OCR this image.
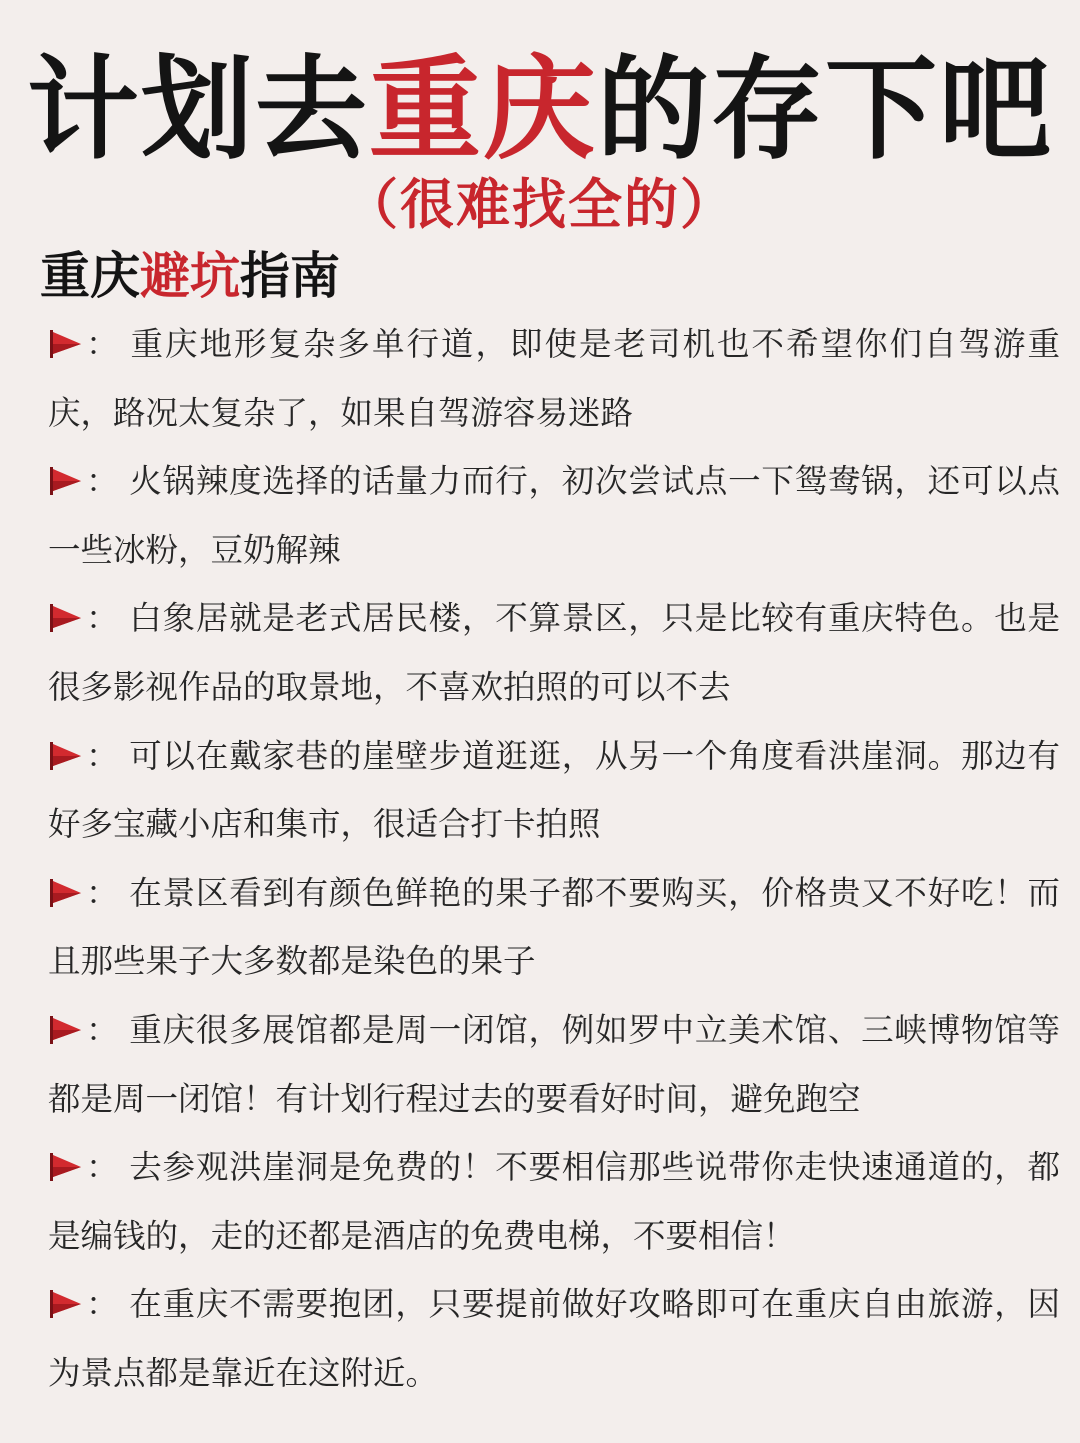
计划去重庆的存下吧
（很难找全的）
重庆避坑指南

： 重庆地形复杂多单行道，即使是老司机也不希望你们自驾游重庆，路况太复杂了，如果自驾游容易迷路

： 火锅辣度选择的话量力而行，初次尝试点一下鸳鸯锅，还可以点一些冰粉，豆奶解辣

： 白象居就是老式居民楼，不算景区，只是比较有重庆特色。也是很多影视作品的取景地，不喜欢拍照的可以不去

： 可以在戴家巷的崖壁步道逛逛，从另一个角度看洪崖洞。那边有好多宝藏小店和集市，很适合打卡拍照

： 在景区看到有颜色鲜艳的果子都不要购买，价格贵又不好吃！而且那些果子大多数都是染色的果子

： 重庆很多展馆都是周一闭馆，例如罗中立美术馆、三峡博物馆等都是周一闭馆！有计划行程过去的要看好时间，避免跑空

： 去参观洪崖洞是免费的！不要相信那些说带你走快速通道的，都是编钱的，走的还都是酒店的免费电梯，不要相信！

： 在重庆不需要抱团，只要提前做好攻略即可在重庆自由旅游，因为景点都是靠近在这附近。
